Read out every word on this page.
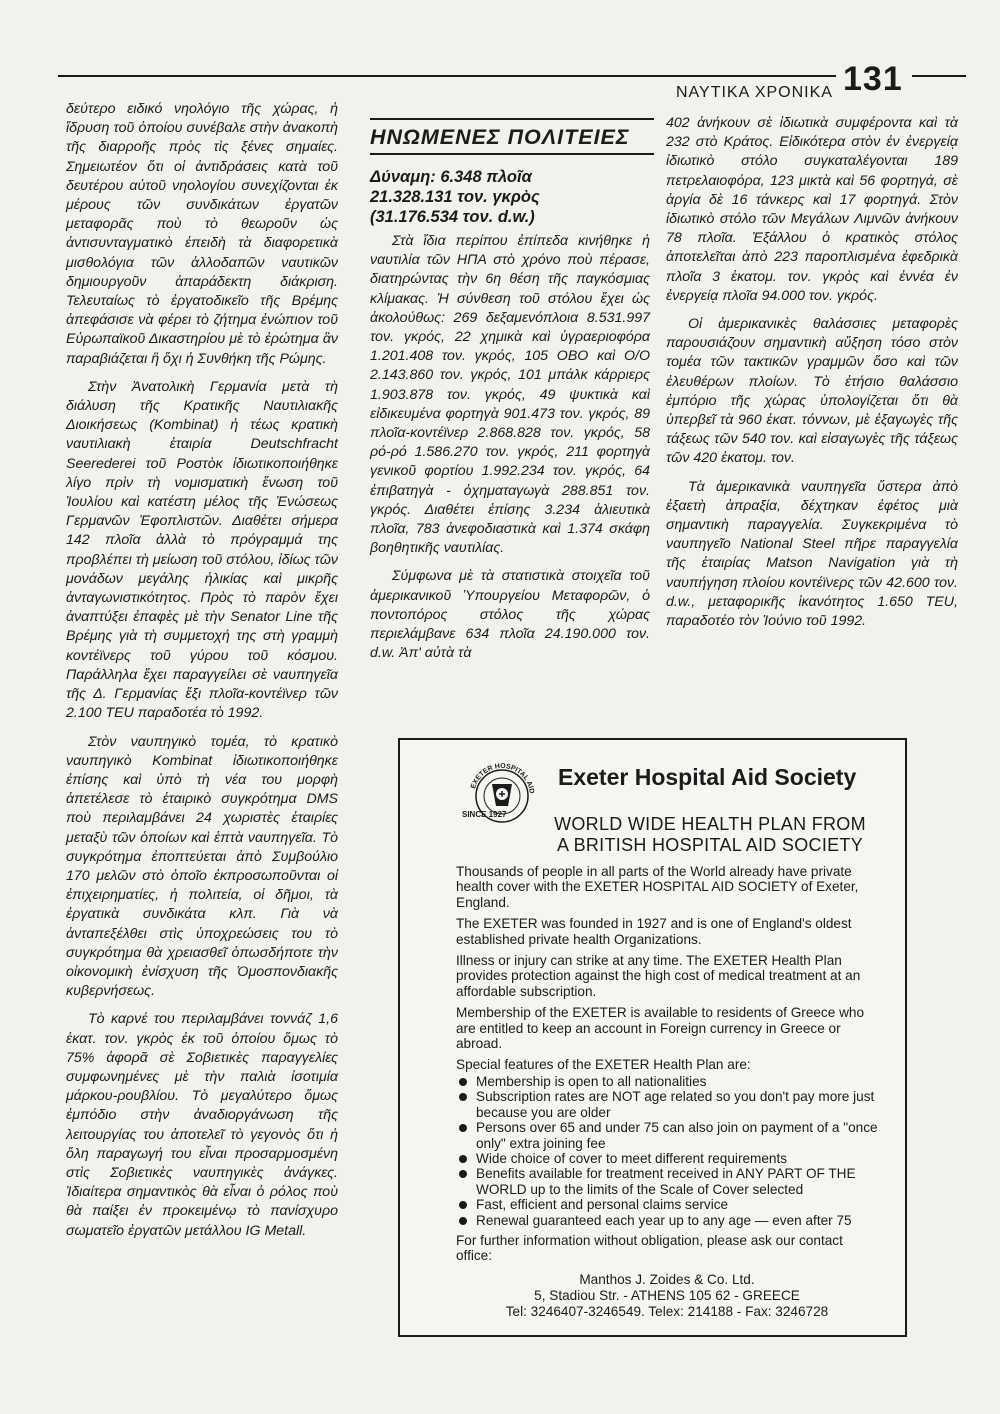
ΝΑΥΤΙΚΑ ΧΡΟΝΙΚΑ 131

δεύτερο ειδικό νηολόγιο τῆς χώρας, ἡ ἵδρυση τοῦ ὁποίου συνέβαλε στὴν ἀνακοπὴ τῆς διαρροῆς πρὸς τὶς ξένες σημαίες. Σημειωτέον ὅτι οἱ ἀντιδράσεις κατὰ τοῦ δευτέρου αὐτοῦ νηολογίου συνεχίζονται ἐκ μέρους τῶν συνδικάτων ἐργατῶν μεταφορᾶς ποὺ τὸ θεωροῦν ὡς ἀντισυνταγματικὸ ἐπειδὴ τὰ διαφορετικὰ μισθολόγια τῶν ἀλλοδαπῶν ναυτικῶν δημιουργοῦν ἀπαράδεκτη διάκριση. Τελευταίως τὸ ἐργατοδικεῖο τῆς Βρέμης ἀπεφάσισε νὰ φέρει τὸ ζήτημα ἐνώπιον τοῦ Εὐρωπαϊκοῦ Δικαστηρίου μὲ τὸ ἐρώτημα ἂν παραβιάζεται ἢ ὄχι ἡ Συνθήκη τῆς Ρώμης.

Στὴν Ἀνατολικὴ Γερμανία μετὰ τὴ διάλυση τῆς Κρατικῆς Ναυτιλιακῆς Διοικήσεως (Kombinat) ἡ τέως κρατικὴ ναυτιλιακὴ ἑταιρία Deutschfracht Seerederei τοῦ Ροστὸκ ἰδιωτικοποιήθηκε λίγο πρὶν τὴ νομισματικὴ ἕνωση τοῦ Ἰουλίου καὶ κατέστη μέλος τῆς Ἑνώσεως Γερμανῶν Ἐφοπλιστῶν. Διαθέτει σήμερα 142 πλοῖα ἀλλὰ τὸ πρόγραμμά της προβλέπει τὴ μείωση τοῦ στόλου, ἰδίως τῶν μονάδων μεγάλης ἡλικίας καὶ μικρῆς ἀνταγωνιστικότητος. Πρὸς τὸ παρὸν ἔχει ἀναπτύξει ἐπαφὲς μὲ τὴν Senator Line τῆς Βρέμης γιὰ τὴ συμμετοχή της στὴ γραμμὴ κοντέϊνερς τοῦ γύρου τοῦ κόσμου. Παράλληλα ἔχει παραγγείλει σὲ ναυπηγεῖα τῆς Δ. Γερμανίας ἕξι πλοῖα-κοντέϊνερ τῶν 2.100 TEU παραδοτέα τὸ 1992.

Στὸν ναυπηγικὸ τομέα, τὸ κρατικὸ ναυπηγικὸ Kombinat ἰδιωτικοποιήθηκε ἐπίσης καὶ ὑπὸ τὴ νέα του μορφὴ ἀπετέλεσε τὸ ἑταιρικὸ συγκρότημα DMS ποὺ περιλαμβάνει 24 χωριστὲς ἑταιρίες μεταξὺ τῶν ὁποίων καὶ ἑπτὰ ναυπηγεῖα. Τὸ συγκρότημα ἐποπτεύεται ἀπὸ Συμβούλιο 170 μελῶν στὸ ὁποῖο ἐκπροσωποῦνται οἱ ἐπιχειρηματίες, ἡ πολιτεία, οἱ δῆμοι, τὰ ἐργατικὰ συνδικάτα κλπ. Γιὰ νὰ ἀνταπεξέλθει στὶς ὑποχρεώσεις του τὸ συγκρότημα θὰ χρειασθεῖ ὁπωσδήποτε τὴν οἰκονομικὴ ἐνίσχυση τῆς Ὁμοσπονδιακῆς κυβερνήσεως.

Τὸ καρνέ του περιλαμβάνει τοννάζ 1,6 ἑκατ. τον. γκρὸς ἐκ τοῦ ὁποίου ὅμως τὸ 75% ἀφορᾶ σὲ Σοβιετικὲς παραγγελίες συμφωνημένες μὲ τὴν παλιὰ ἰσοτιμία μάρκου-ρουβλίου. Τὸ μεγαλύτερο ὅμως ἐμπόδιο στὴν ἀναδιοργάνωση τῆς λειτουργίας του ἀποτελεῖ τὸ γεγονὸς ὅτι ἡ ὅλη παραγωγή του εἶναι προσαρμοσμένη στὶς Σοβιετικὲς ναυπηγικὲς ἀνάγκες. Ἰδιαίτερα σημαντικὸς θὰ εἶναι ὁ ρόλος ποὺ θὰ παίξει ἐν προκειμένῳ τὸ πανίσχυρο σωματεῖο ἐργατῶν μετάλλου IG Metall.

ΗΝΩΜΕΝΕΣ ΠΟΛΙΤΕΙΕΣ
Δύναμη: 6.348 πλοῖα
21.328.131 τον. γκρὸς
(31.176.534 τον. d.w.)

Στὰ ἴδια περίπου ἐπίπεδα κινήθηκε ἡ ναυτιλία τῶν ΗΠΑ στὸ χρόνο ποὺ πέρασε, διατηρώντας τὴν 6η θέση τῆς παγκόσμιας κλίμακας. Ἡ σύνθεση τοῦ στόλου ἔχει ὡς ἀκολούθως: 269 δεξαμενόπλοια 8.531.997 τον. γκρός, 22 χημικὰ καὶ ὑγραεριοφόρα 1.201.408 τον. γκρός, 105 OBO καὶ O/O 2.143.860 τον. γκρός, 101 μπάλκ κάρριερς 1.903.878 τον. γκρός, 49 ψυκτικὰ καὶ εἰδικευμένα φορτηγὰ 901.473 τον. γκρός, 89 πλοῖα-κοντέϊνερ 2.868.828 τον. γκρός, 58 ρό-ρό 1.586.270 τον. γκρός, 211 φορτηγὰ γενικοῦ φορτίου 1.992.234 τον. γκρός, 64 ἐπιβατηγὰ - ὀχηματαγωγὰ 288.851 τον. γκρός. Διαθέτει ἐπίσης 3.234 ἁλιευτικὰ πλοῖα, 783 ἀνεφοδιαστικὰ καὶ 1.374 σκάφη βοηθητικῆς ναυτιλίας.

Σύμφωνα μὲ τὰ στατιστικὰ στοιχεῖα τοῦ ἀμερικανικοῦ Ὑπουργείου Μεταφορῶν, ὁ ποντοπόρος στόλος τῆς χώρας περιελάμβανε 634 πλοῖα 24.190.000 τον. d.w. Ἀπ' αὐτὰ τὰ

402 ἀνήκουν σὲ ἰδιωτικὰ συμφέροντα καὶ τὰ 232 στὸ Κράτος. Εἰδικότερα στὸν ἐν ἐνεργείᾳ ἰδιωτικὸ στόλο συγκαταλέγονται 189 πετρελαιοφόρα, 123 μικτὰ καὶ 56 φορτηγά, σὲ ἀργία δὲ 16 τάνκερς καὶ 17 φορτηγά. Στὸν ἰδιωτικὸ στόλο τῶν Μεγάλων Λιμνῶν ἀνήκουν 78 πλοῖα. Ἐξάλλου ὁ κρατικὸς στόλος ἀποτελεῖται ἀπὸ 223 παροπλισμένα ἐφεδρικὰ πλοῖα 3 ἑκατομ. τον. γκρὸς καὶ ἐννέα ἐν ἐνεργείᾳ πλοῖα 94.000 τον. γκρός.

Οἱ ἀμερικανικὲς θαλάσσιες μεταφορὲς παρουσιάζουν σημαντικὴ αὔξηση τόσο στὸν τομέα τῶν τακτικῶν γραμμῶν ὅσο καὶ τῶν ἐλευθέρων πλοίων. Τὸ ἐτήσιο θαλάσσιο ἐμπόριο τῆς χώρας ὑπολογίζεται ὅτι θὰ ὑπερβεῖ τὰ 960 ἑκατ. τόννων, μὲ ἐξαγωγὲς τῆς τάξεως τῶν 540 τον. καὶ εἰσαγωγὲς τῆς τάξεως τῶν 420 ἑκατομ. τον.

Τὰ ἀμερικανικὰ ναυπηγεῖα ὕστερα ἀπὸ ἐξαετὴ ἀπραξία, δέχτηκαν ἐφέτος μιὰ σημαντικὴ παραγγελία. Συγκεκριμένα τὸ ναυπηγεῖο National Steel πῆρε παραγγελία τῆς ἑταιρίας Matson Navigation γιὰ τὴ ναυπήγηση πλοίου κοντέϊνερς τῶν 42.600 τον. d.w., μεταφορικῆς ἱκανότητος 1.650 TEU, παραδοτέο τὸν Ἰούνιο τοῦ 1992.

EXETER HOSPITAL AID
SINCE 1927
Exeter Hospital Aid Society
WORLD WIDE HEALTH PLAN FROM
A BRITISH HOSPITAL AID SOCIETY
Thousands of people in all parts of the World already have private health cover with the EXETER HOSPITAL AID SOCIETY of Exeter, England.
The EXETER was founded in 1927 and is one of England's oldest established private health Organizations.
Illness or injury can strike at any time. The EXETER Health Plan provides protection against the high cost of medical treatment at an affordable subscription.
Membership of the EXETER is available to residents of Greece who are entitled to keep an account in Foreign currency in Greece or abroad.
Special features of the EXETER Health Plan are:
Membership is open to all nationalities
Subscription rates are NOT age related so you don't pay more just because you are older
Persons over 65 and under 75 can also join on payment of a "once only" extra joining fee
Wide choice of cover to meet different requirements
Benefits available for treatment received in ANY PART OF THE WORLD up to the limits of the Scale of Cover selected
Fast, efficient and personal claims service
Renewal guaranteed each year up to any age — even after 75
For further information without obligation, please ask our contact office:
Manthos J. Zoides & Co. Ltd.
5, Stadiou Str. - ATHENS 105 62 - GREECE
Tel: 3246407-3246549. Telex: 214188 - Fax: 3246728
